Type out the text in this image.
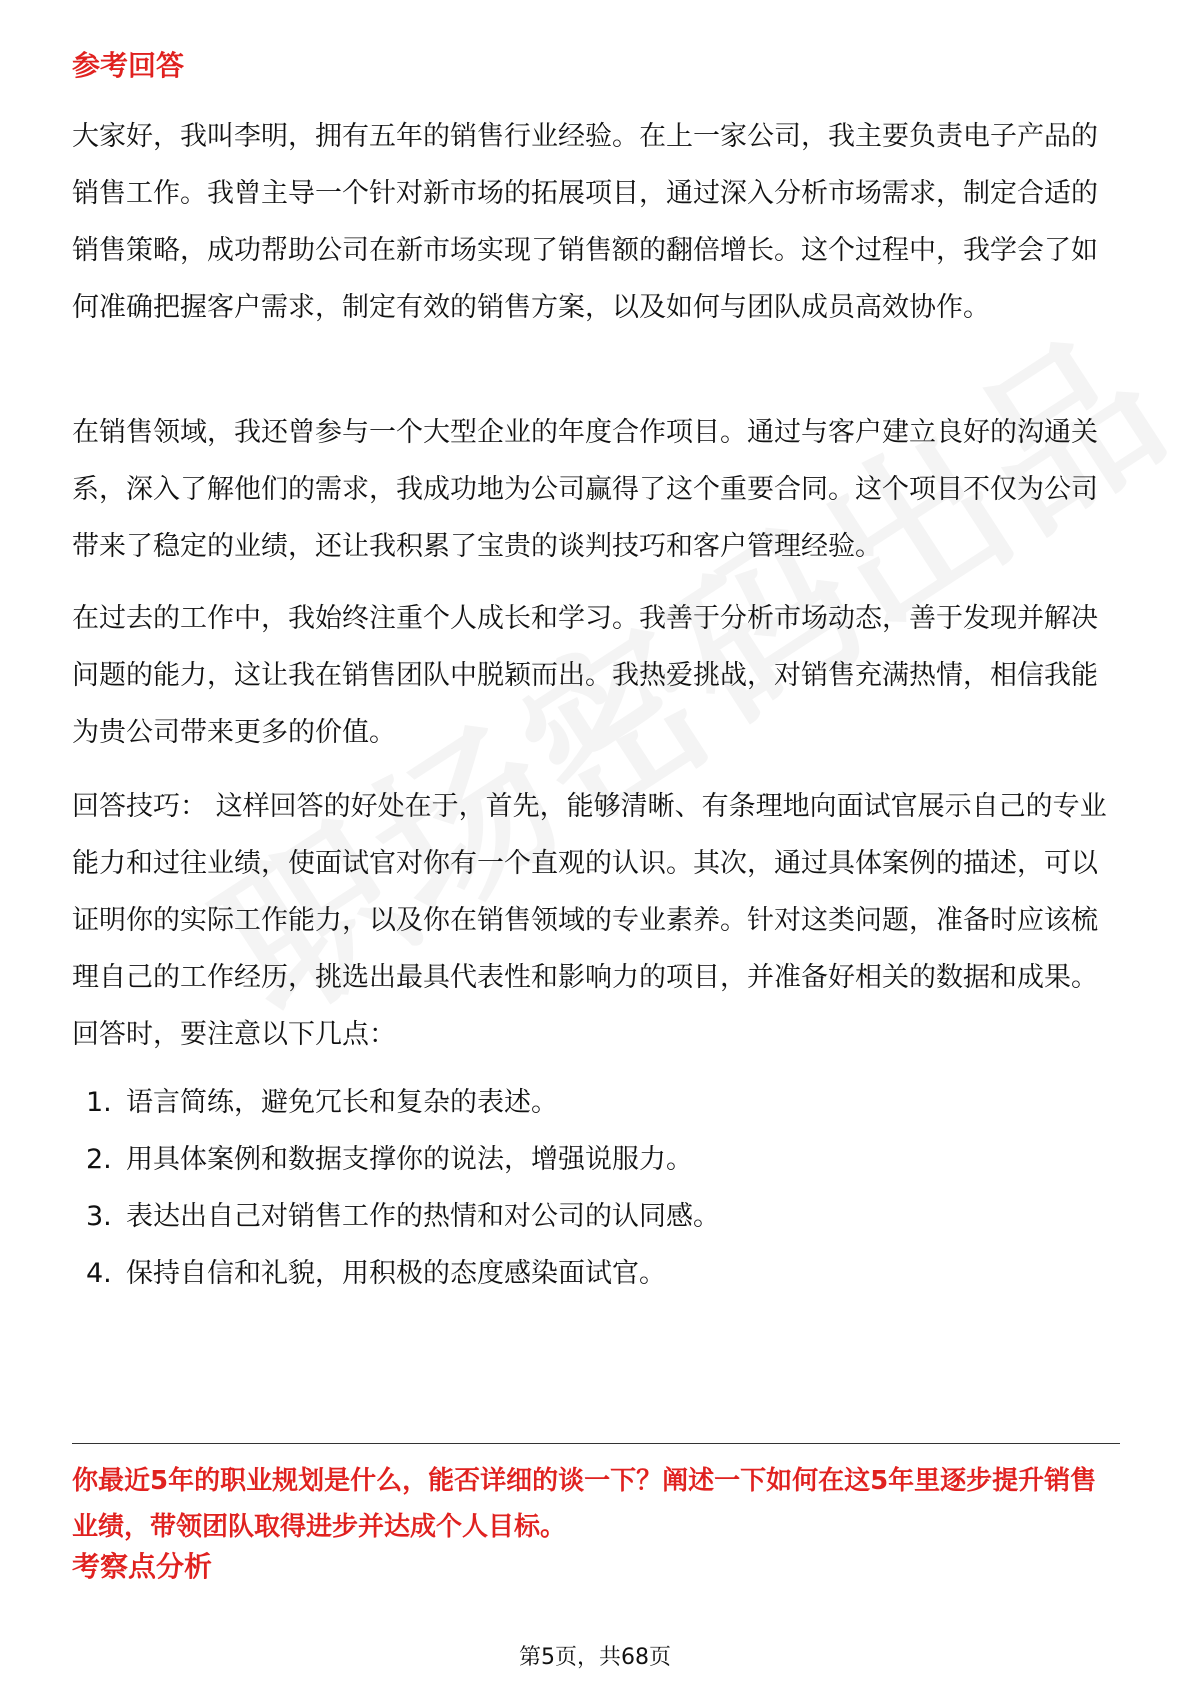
参考回答

大家好，我叫李明，拥有五年的销售行业经验。在上一家公司，我主要负责电子产品的销售工作。我曾主导一个针对新市场的拓展项目，通过深入分析市场需求，制定合适的销售策略，成功帮助公司在新市场实现了销售额的翻倍增长。这个过程中，我学会了如何准确把握客户需求，制定有效的销售方案，以及如何与团队成员高效协作。

在销售领域，我还曾参与一个大型企业的年度合作项目。通过与客户建立良好的沟通关系，深入了解他们的需求，我成功地为公司赢得了这个重要合同。这个项目不仅为公司带来了稳定的业绩，还让我积累了宝贵的谈判技巧和客户管理经验。

在过去的工作中，我始终注重个人成长和学习。我善于分析市场动态，善于发现并解决问题的能力，这让我在销售团队中脱颖而出。我热爱挑战，对销售充满热情，相信我能为贵公司带来更多的价值。

回答技巧： 这样回答的好处在于，首先，能够清晰、有条理地向面试官展示自己的专业能力和过往业绩，使面试官对你有一个直观的认识。其次，通过具体案例的描述，可以证明你的实际工作能力，以及你在销售领域的专业素养。针对这类问题，准备时应该梳理自己的工作经历，挑选出最具代表性和影响力的项目，并准备好相关的数据和成果。回答时，要注意以下几点：

1. 语言简练，避免冗长和复杂的表述。
2. 用具体案例和数据支撑你的说法，增强说服力。
3. 表达出自己对销售工作的热情和对公司的认同感。
4. 保持自信和礼貌，用积极的态度感染面试官。

你最近5年的职业规划是什么，能否详细的谈一下？阐述一下如何在这5年里逐步提升销售业绩，带领团队取得进步并达成个人目标。

考察点分析
第5页，共68页
